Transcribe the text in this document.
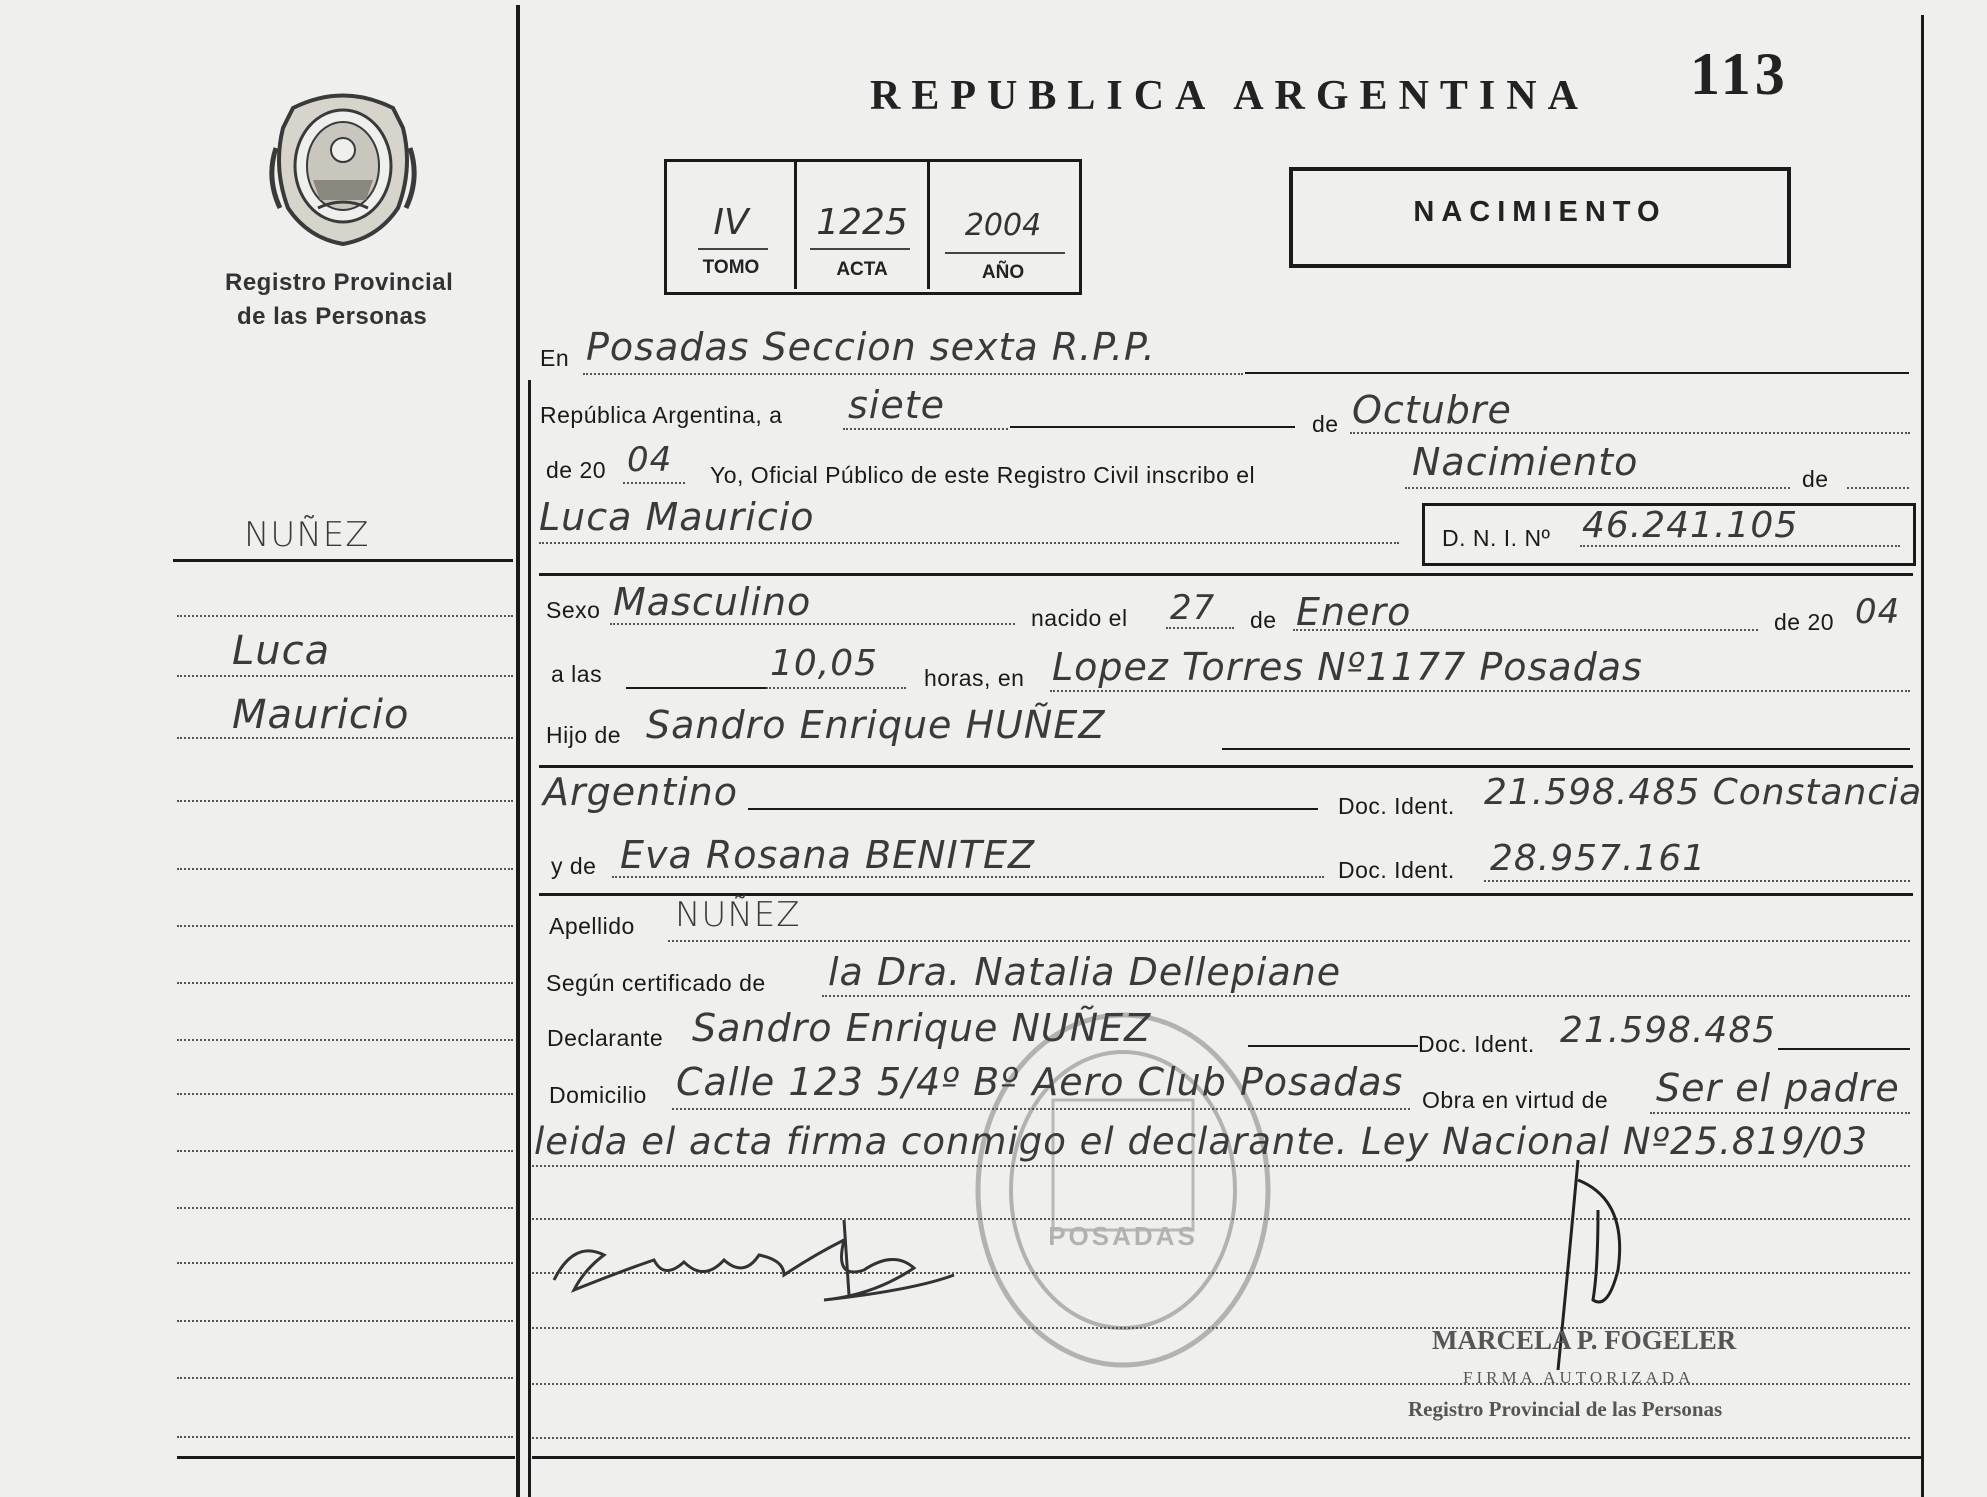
Registro Provincial
de las Personas
NUÑEZ
Luca
Mauricio
REPUBLICA ARGENTINA 113
IV	1225	2004
TOMO	ACTA	AÑO
NACIMIENTO
En Posadas Seccion sexta R.P.P.
República Argentina, a siete	de Octubre
de 20 04 Yo, Oficial Público de este Registro Civil inscribo el	Nacimiento	de
Luca Mauricio	D. N. I. Nº 46.241.105
Sexo Masculino	nacido el 27 de Enero	de 20 04
a las	10,05 horas, en Lopez Torres Nº1177 Posadas
Hijo de Sandro Enrique HUÑEZ
Argentino	Doc. Ident. 21.598.485 Constancia
y de Eva Rosana BENITEZ	Doc. Ident. 28.957.161
Apellido NUÑEZ
Según certificado de la Dra. Natalia Dellepiane
Declarante Sandro Enrique NUÑEZ	Doc. Ident. 21.598.485
Domicilio Calle 123 5/4º Bº Aero Club Posadas Obra en virtud de Ser el padre
leida el acta firma conmigo el declarante. Ley Nacional Nº25.819/03
POSADAS
MARCELA P. FOGELER
FIRMA AUTORIZADA
Registro Provincial de las Personas
